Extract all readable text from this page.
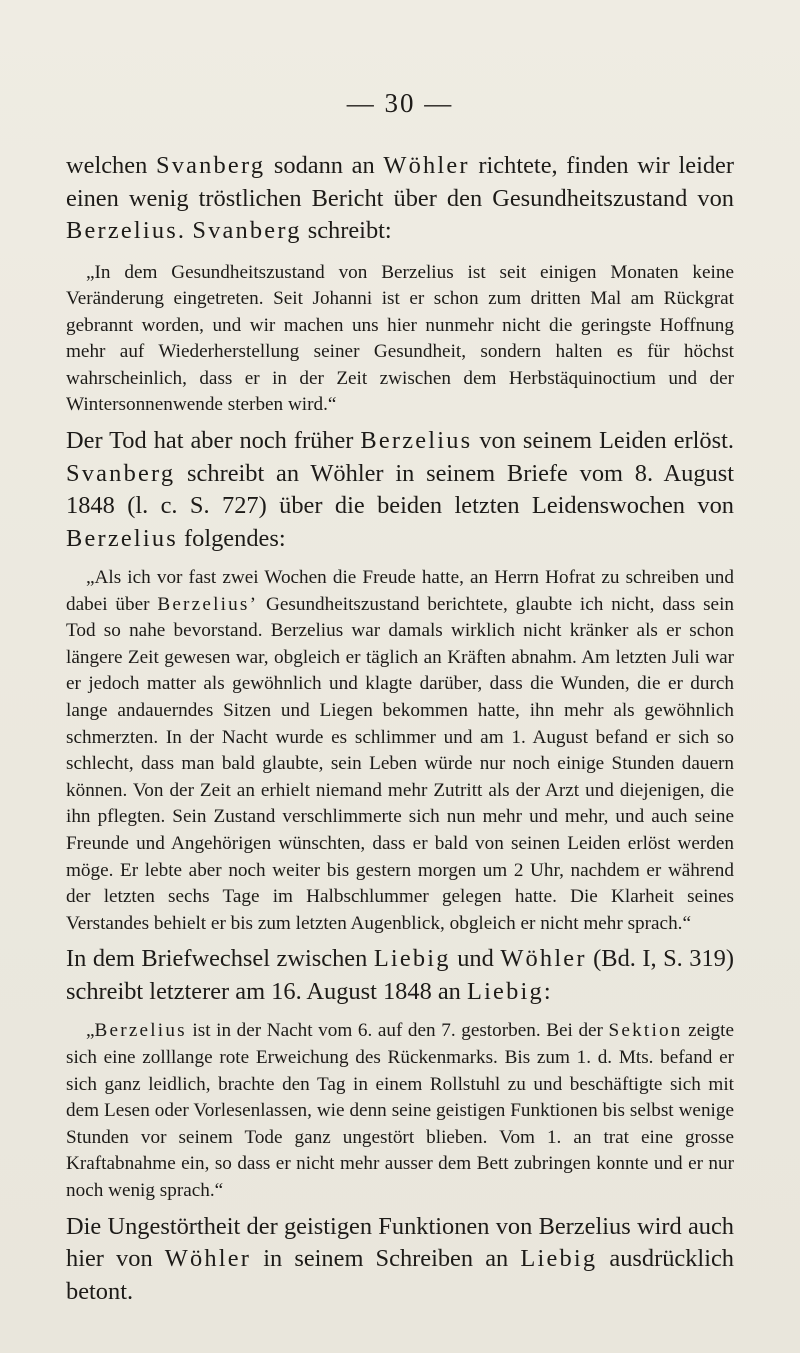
— 30 —

welchen Svanberg sodann an Wöhler richtete, finden wir leider einen wenig tröstlichen Bericht über den Gesundheitszustand von Berzelius. Svanberg schreibt:

„In dem Gesundheitszustand von Berzelius ist seit einigen Monaten keine Veränderung eingetreten. Seit Johanni ist er schon zum dritten Mal am Rückgrat gebrannt worden, und wir machen uns hier nunmehr nicht die geringste Hoffnung mehr auf Wiederherstellung seiner Gesundheit, sondern halten es für höchst wahrscheinlich, dass er in der Zeit zwischen dem Herbstäquinoctium und der Wintersonnenwende sterben wird.“

Der Tod hat aber noch früher Berzelius von seinem Leiden erlöst. Svanberg schreibt an Wöhler in seinem Briefe vom 8. August 1848 (l. c. S. 727) über die beiden letzten Leidenswochen von Berzelius folgendes:

„Als ich vor fast zwei Wochen die Freude hatte, an Herrn Hofrat zu schreiben und dabei über Berzelius’ Gesundheitszustand berichtete, glaubte ich nicht, dass sein Tod so nahe bevorstand. Berzelius war damals wirklich nicht kränker als er schon längere Zeit gewesen war, obgleich er täglich an Kräften abnahm. Am letzten Juli war er jedoch matter als gewöhnlich und klagte darüber, dass die Wunden, die er durch lange andauerndes Sitzen und Liegen bekommen hatte, ihn mehr als gewöhnlich schmerzten. In der Nacht wurde es schlimmer und am 1. August befand er sich so schlecht, dass man bald glaubte, sein Leben würde nur noch einige Stunden dauern können. Von der Zeit an erhielt niemand mehr Zutritt als der Arzt und diejenigen, die ihn pflegten. Sein Zustand verschlimmerte sich nun mehr und mehr, und auch seine Freunde und Angehörigen wünschten, dass er bald von seinen Leiden erlöst werden möge. Er lebte aber noch weiter bis gestern morgen um 2 Uhr, nachdem er während der letzten sechs Tage im Halbschlummer gelegen hatte. Die Klarheit seines Verstandes behielt er bis zum letzten Augenblick, obgleich er nicht mehr sprach.“

In dem Briefwechsel zwischen Liebig und Wöhler (Bd. I, S. 319) schreibt letzterer am 16. August 1848 an Liebig:

„Berzelius ist in der Nacht vom 6. auf den 7. gestorben. Bei der Sektion zeigte sich eine zolllange rote Erweichung des Rückenmarks. Bis zum 1. d. Mts. befand er sich ganz leidlich, brachte den Tag in einem Rollstuhl zu und beschäftigte sich mit dem Lesen oder Vorlesenlassen, wie denn seine geistigen Funktionen bis selbst wenige Stunden vor seinem Tode ganz ungestört blieben. Vom 1. an trat eine grosse Kraftabnahme ein, so dass er nicht mehr ausser dem Bett zubringen konnte und er nur noch wenig sprach.“

Die Ungestörtheit der geistigen Funktionen von Berzelius wird auch hier von Wöhler in seinem Schreiben an Liebig ausdrücklich betont.
